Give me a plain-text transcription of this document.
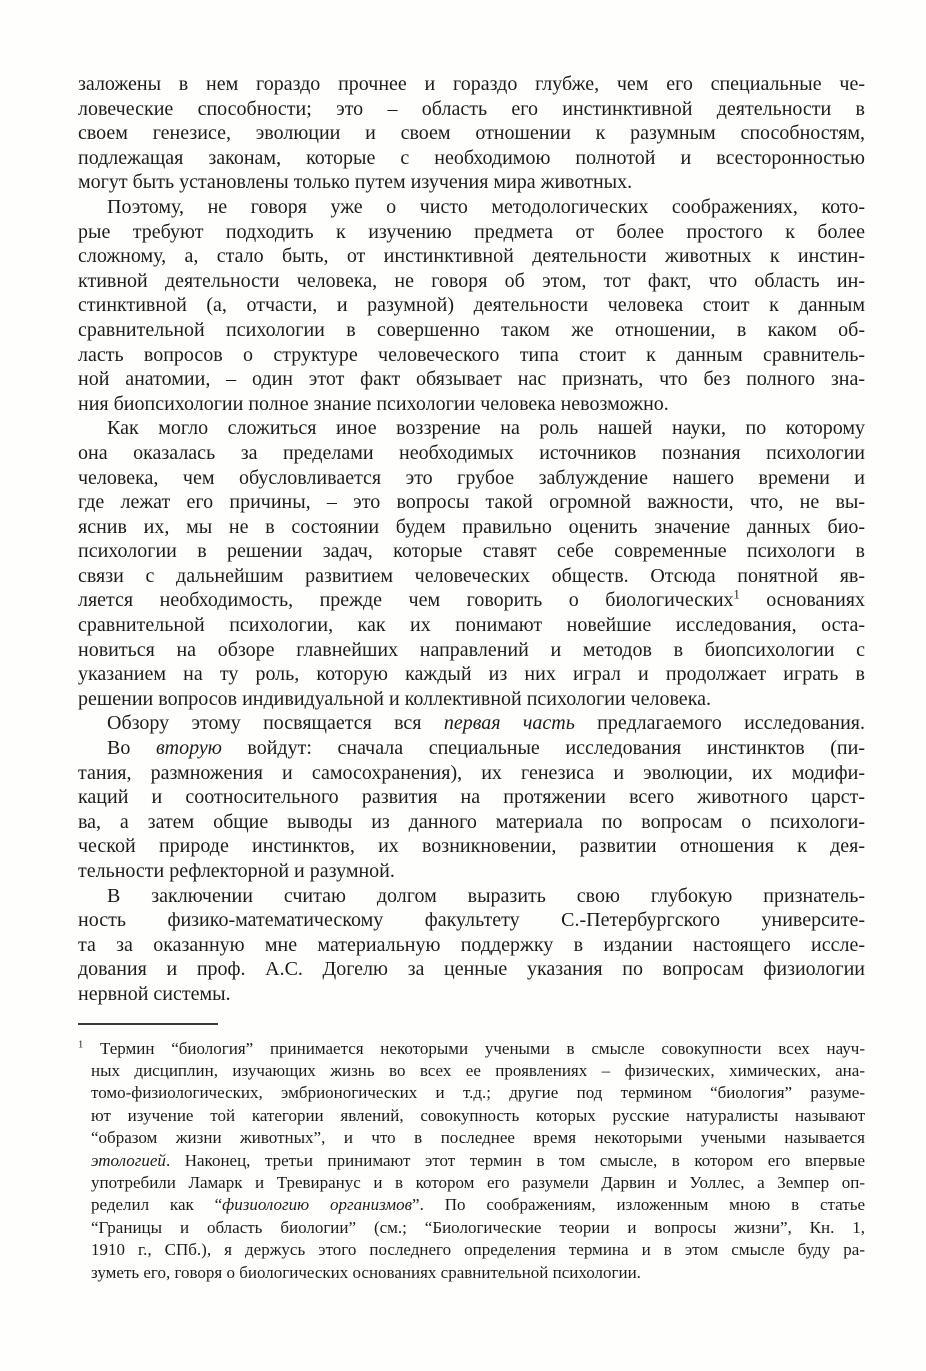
заложены в нем гораздо прочнее и гораздо глубже, чем его специальные че-
ловеческие способности; это – область его инстинктивной деятельности в
своем генезисе, эволюции и своем отношении к разумным способностям,
подлежащая законам, которые с необходимою полнотой и всесторонностью
могут быть установлены только путем изучения мира животных.
Поэтому, не говоря уже о чисто методологических соображениях, кото-
рые требуют подходить к изучению предмета от более простого к более
сложному, а, стало быть, от инстинктивной деятельности животных к инстин-
ктивной деятельности человека, не говоря об этом, тот факт, что область ин-
стинктивной (а, отчасти, и разумной) деятельности человека стоит к данным
сравнительной психологии в совершенно таком же отношении, в каком об-
ласть вопросов о структуре человеческого типа стоит к данным сравнитель-
ной анатомии, – один этот факт обязывает нас признать, что без полного зна-
ния биопсихологии полное знание психологии человека невозможно.
Как могло сложиться иное воззрение на роль нашей науки, по которому
она оказалась за пределами необходимых источников познания психологии
человека, чем обусловливается это грубое заблуждение нашего времени и
где лежат его причины, – это вопросы такой огромной важности, что, не вы-
яснив их, мы не в состоянии будем правильно оценить значение данных био-
психологии в решении задач, которые ставят себе современные психологи в
связи с дальнейшим развитием человеческих обществ. Отсюда понятной яв-
ляется необходимость, прежде чем говорить о биологических$^1$ основаниях
сравнительной психологии, как их понимают новейшие исследования, оста-
новиться на обзоре главнейших направлений и методов в биопсихологии с
указанием на ту роль, которую каждый из них играл и продолжает играть в
решении вопросов индивидуальной и коллективной психологии человека.
Обзору этому посвящается вся первая часть предлагаемого исследования.
Во вторую войдут: сначала специальные исследования инстинктов (пи-
тания, размножения и самосохранения), их генезиса и эволюции, их модифи-
каций и соотносительного развития на протяжении всего животного царст-
ва, а затем общие выводы из данного материала по вопросам о психологи-
ческой природе инстинктов, их возникновении, развитии отношения к дея-
тельности рефлекторной и разумной.
В заключении считаю долгом выразить свою глубокую признатель-
ность физико-математическому факультету С.-Петербургского университе-
та за оказанную мне материальную поддержку в издании настоящего иссле-
дования и проф. А.С. Догелю за ценные указания по вопросам физиологии
нервной системы.
$^1$ Термин “биология” принимается некоторыми учеными в смысле совокупности всех науч-
ных дисциплин, изучающих жизнь во всех ее проявлениях – физических, химических, ана-
томо-физиологических, эмбрионогических и т.д.; другие под термином “биология” разуме-
ют изучение той категории явлений, совокупность которых русские натуралисты называют
“образом жизни животных”, и что в последнее время некоторыми учеными называется
этологией. Наконец, третьи принимают этот термин в том смысле, в котором его впервые
употребили Ламарк и Тревиранус и в котором его разумели Дарвин и Уоллес, а Земпер оп-
ределил как “физиологию организмов”. По соображениям, изложенным мною в статье
“Границы и область биологии” (см.; “Биологические теории и вопросы жизни”, Кн. 1,
1910 г., СПб.), я держусь этого последнего определения термина и в этом смысле буду ра-
зуметь его, говоря о биологических основаниях сравнительной психологии.
